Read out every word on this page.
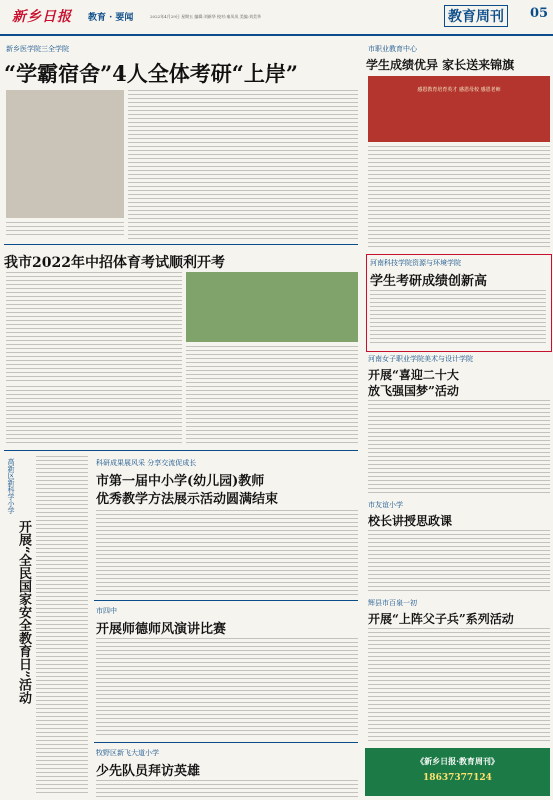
新乡日报 教育 · 要闻	2022年4月29日 星期五 编辑:刘新华 校对:秦凤凤 美编:刘美华	教育周刊	05
新乡医学院三全学院
“学霸宿舍”4人全体考研“上岸”
我市2022年中招体育考试顺利开考
高新区新科学小学
开展“全民国家安全教育日”活动
科研成果展风采 分享交流促成长
市第一届中小学(幼儿园)教师
优秀教学方法展示活动圆满结束
市四中
开展师德师风演讲比赛
牧野区新飞大道小学
少先队员拜访英雄
市职业教育中心
学生成绩优异 家长送来锦旗
感恩教育培育英才 感恩母校 感恩老师
河南科技学院资源与环境学院
学生考研成绩创新高
河南女子职业学院美术与设计学院
开展“喜迎二十大
放飞强国梦”活动
市友谊小学
校长讲授思政课
辉县市百泉一初
开展“上阵父子兵”系列活动
《新乡日报·教育周刊》
18637377124
